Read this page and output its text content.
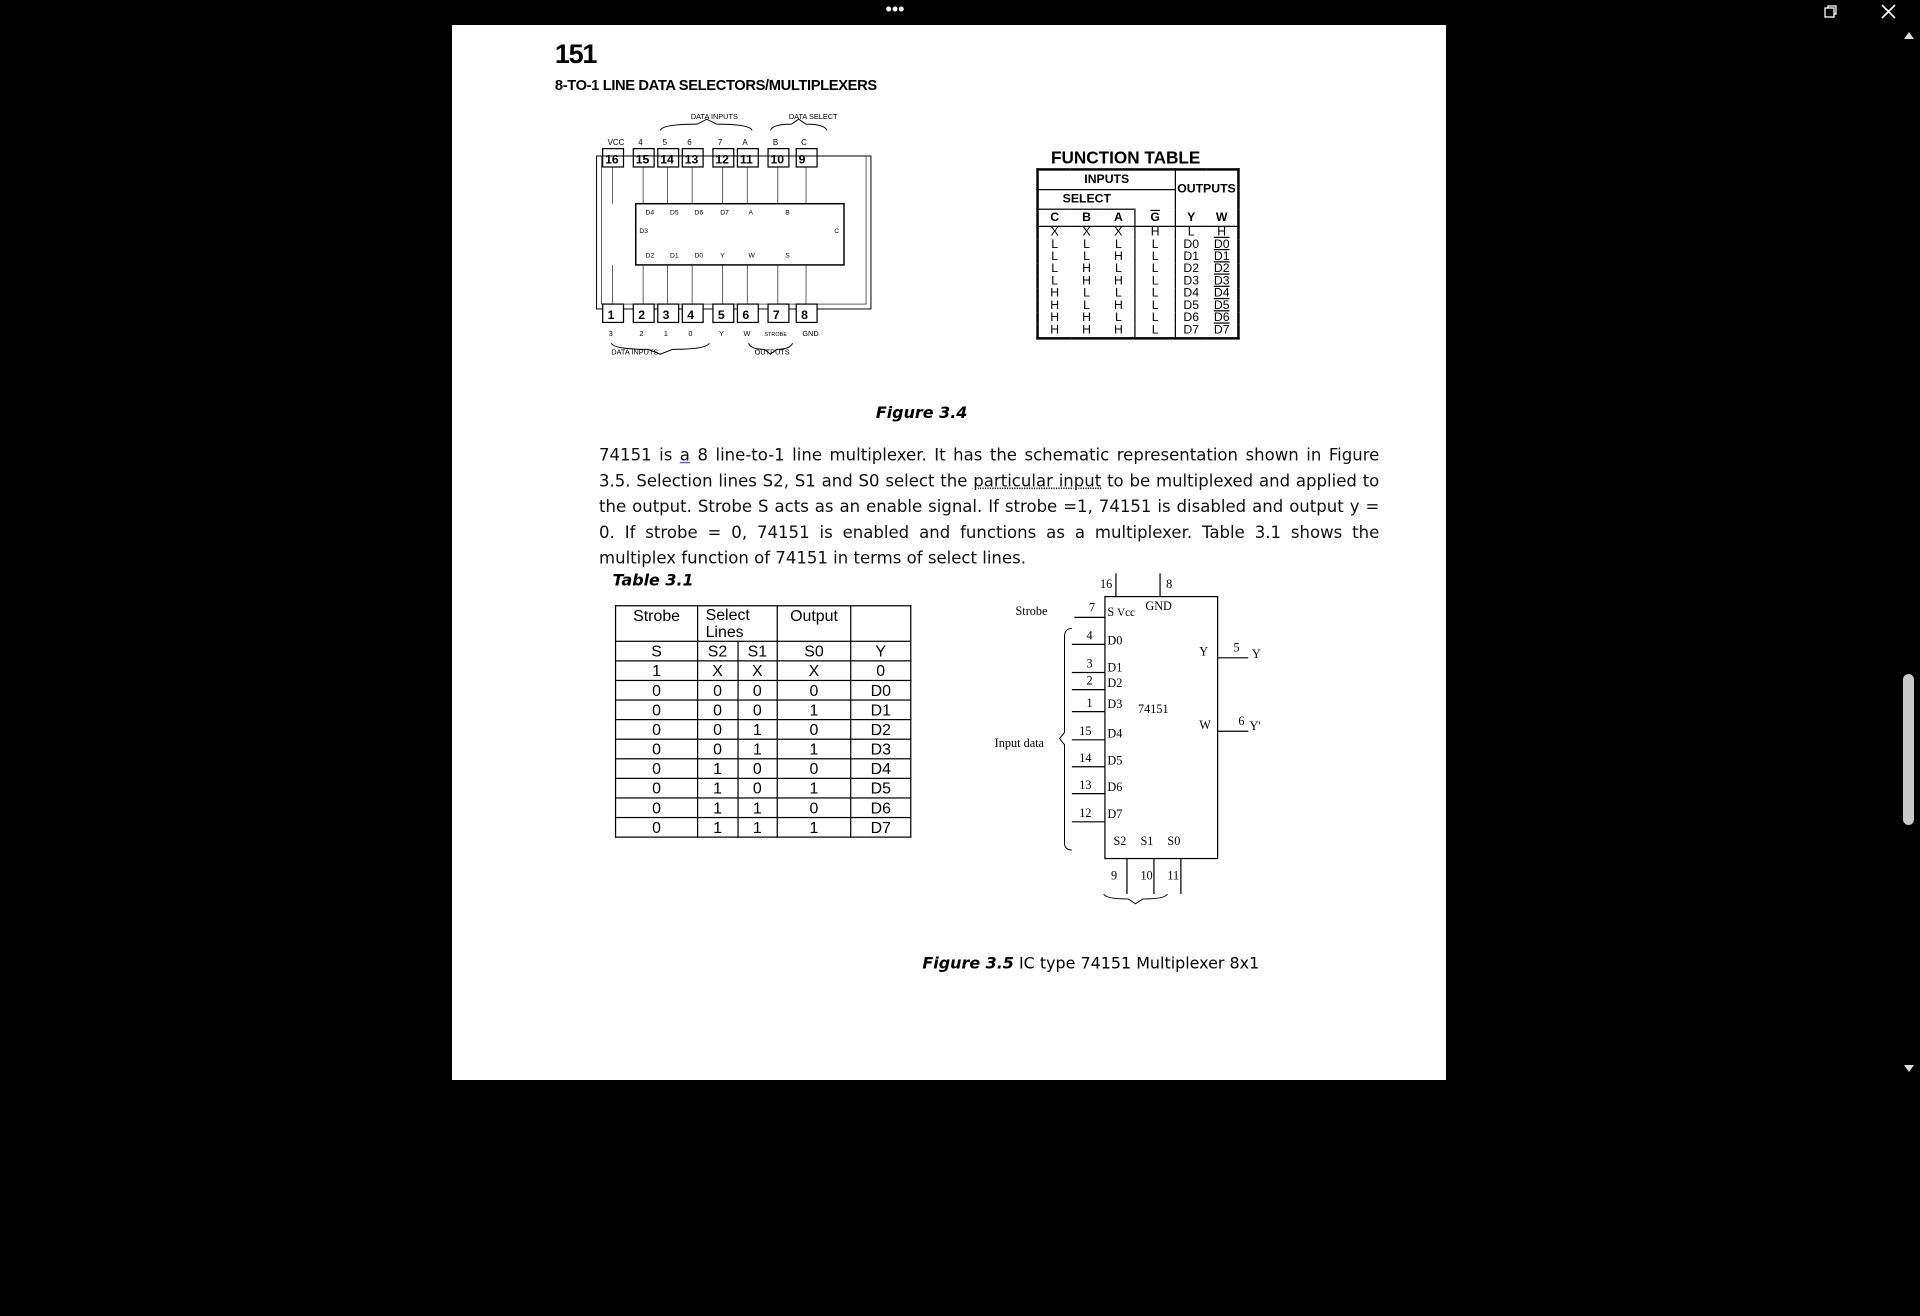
•••
151
8-TO-1 LINE DATA SELECTORS/MULTIPLEXERS
DATA INPUTS	DATA SELECT
VCC 4	5	6	7	A	B	C
16 15 14 13 12 11 10 9
D4	D5	D6	D7	A	B
D3	C
D2	D1	D0	Y	W	S
1 2 3 4 5 6 7 8
3	2	1	0	Y	W	STROBE	GND
DATA INPUTS	OUTPUTS
FUNCTION TABLE
INPUTS				OUTPUTS	
SELECT					
C	B	A	$\overline{G}$	Y	W
X	X	X	H	L	H
L	L	L	L	D0	D0
L	L	H	L	D1	D1
L	H	L	L	D2	D2
L	H	H	L	D3	D3
H	L	L	L	D4	D4
H	L	H	L	D5	D5
H	H	L	L	D6	D6
H	H	H	L	D7	D7
Figure 3.4
74151 is a 8 line-to-1 line multiplexer. It has the schematic representation shown in Figure 3.5. Selection lines S2, S1 and S0 select the particular input to be multiplexed and applied to the output. Strobe S acts as an enable signal. If strobe =1, 74151 is disabled and output y = 0. If strobe = 0, 74151 is enabled and functions as a multiplexer. Table 3.1 shows the multiplex function of 74151 in terms of select lines.
Table 3.1
Strobe	Select Lines		Output	
S	S2	S1	S0	Y
1	X	X	X	0
0	0	0	0	D0
0	0	0	1	D1
0	0	1	0	D2
0	0	1	1	D3
0	1	0	0	D4
0	1	0	1	D5
0	1	1	0	D6
0	1	1	1	D7
16	8
Vcc
GND
S
Strobe	7
Input data
74151
Y
W
5
6
Y
Y'
4 D0
3 D1
2 D2
1 D3
15 D4
14 D5
13 D6
12 D7
S2
9
S1
10
S0
11
Figure 3.5 IC type 74151 Multiplexer 8x1
